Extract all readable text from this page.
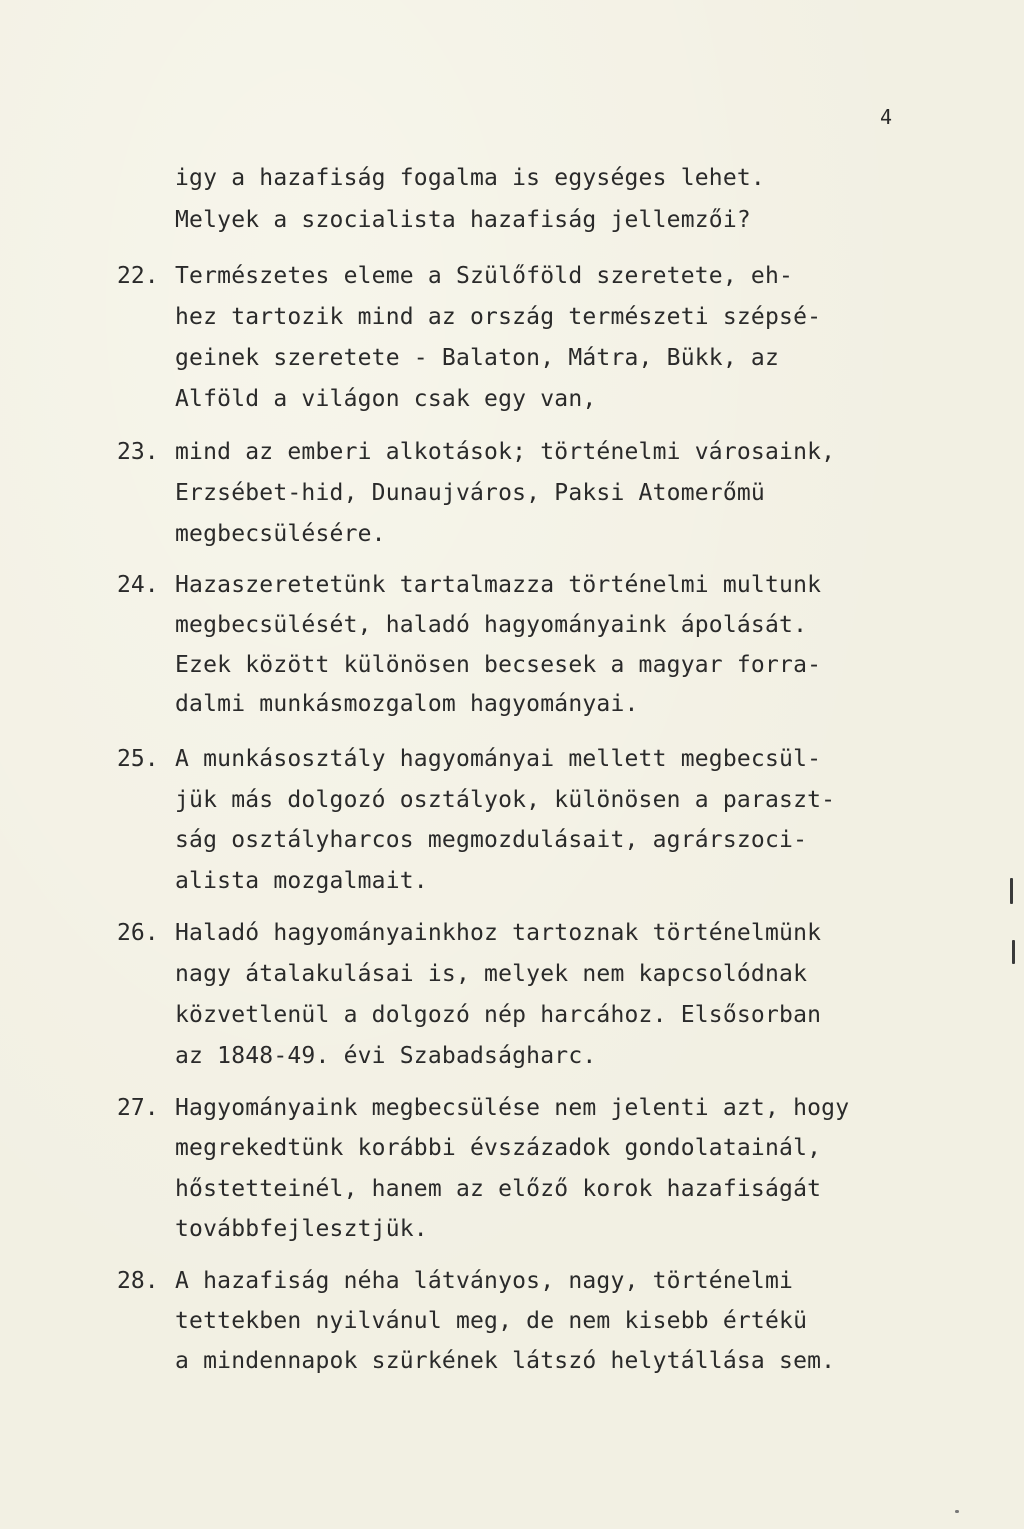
4
igy a hazafiság fogalma is egységes lehet.
Melyek a szocialista hazafiság jellemzői?
22. Természetes eleme a Szülőföld szeretete, eh-
hez tartozik mind az ország természeti szépsé-
geinek szeretete - Balaton, Mátra, Bükk, az
Alföld a világon csak egy van,
23. mind az emberi alkotások; történelmi városaink,
Erzsébet-hid, Dunaujváros, Paksi Atomerőmü
megbecsülésére.
24. Hazaszeretetünk tartalmazza történelmi multunk
megbecsülését, haladó hagyományaink ápolását.
Ezek között különösen becsesek a magyar forra-
dalmi munkásmozgalom hagyományai.
25. A munkásosztály hagyományai mellett megbecsül-
jük más dolgozó osztályok, különösen a paraszt-
ság osztályharcos megmozdulásait, agrárszoci-
alista mozgalmait.
26. Haladó hagyományainkhoz tartoznak történelmünk
nagy átalakulásai is, melyek nem kapcsolódnak
közvetlenül a dolgozó nép harcához. Elsősorban
az 1848-49. évi Szabadságharc.
27. Hagyományaink megbecsülése nem jelenti azt, hogy
megrekedtünk korábbi évszázadok gondolatainál,
hőstetteinél, hanem az előző korok hazafiságát
továbbfejlesztjük.
28. A hazafiság néha látványos, nagy, történelmi
tettekben nyilvánul meg, de nem kisebb értékü
a mindennapok szürkének látszó helytállása sem.
